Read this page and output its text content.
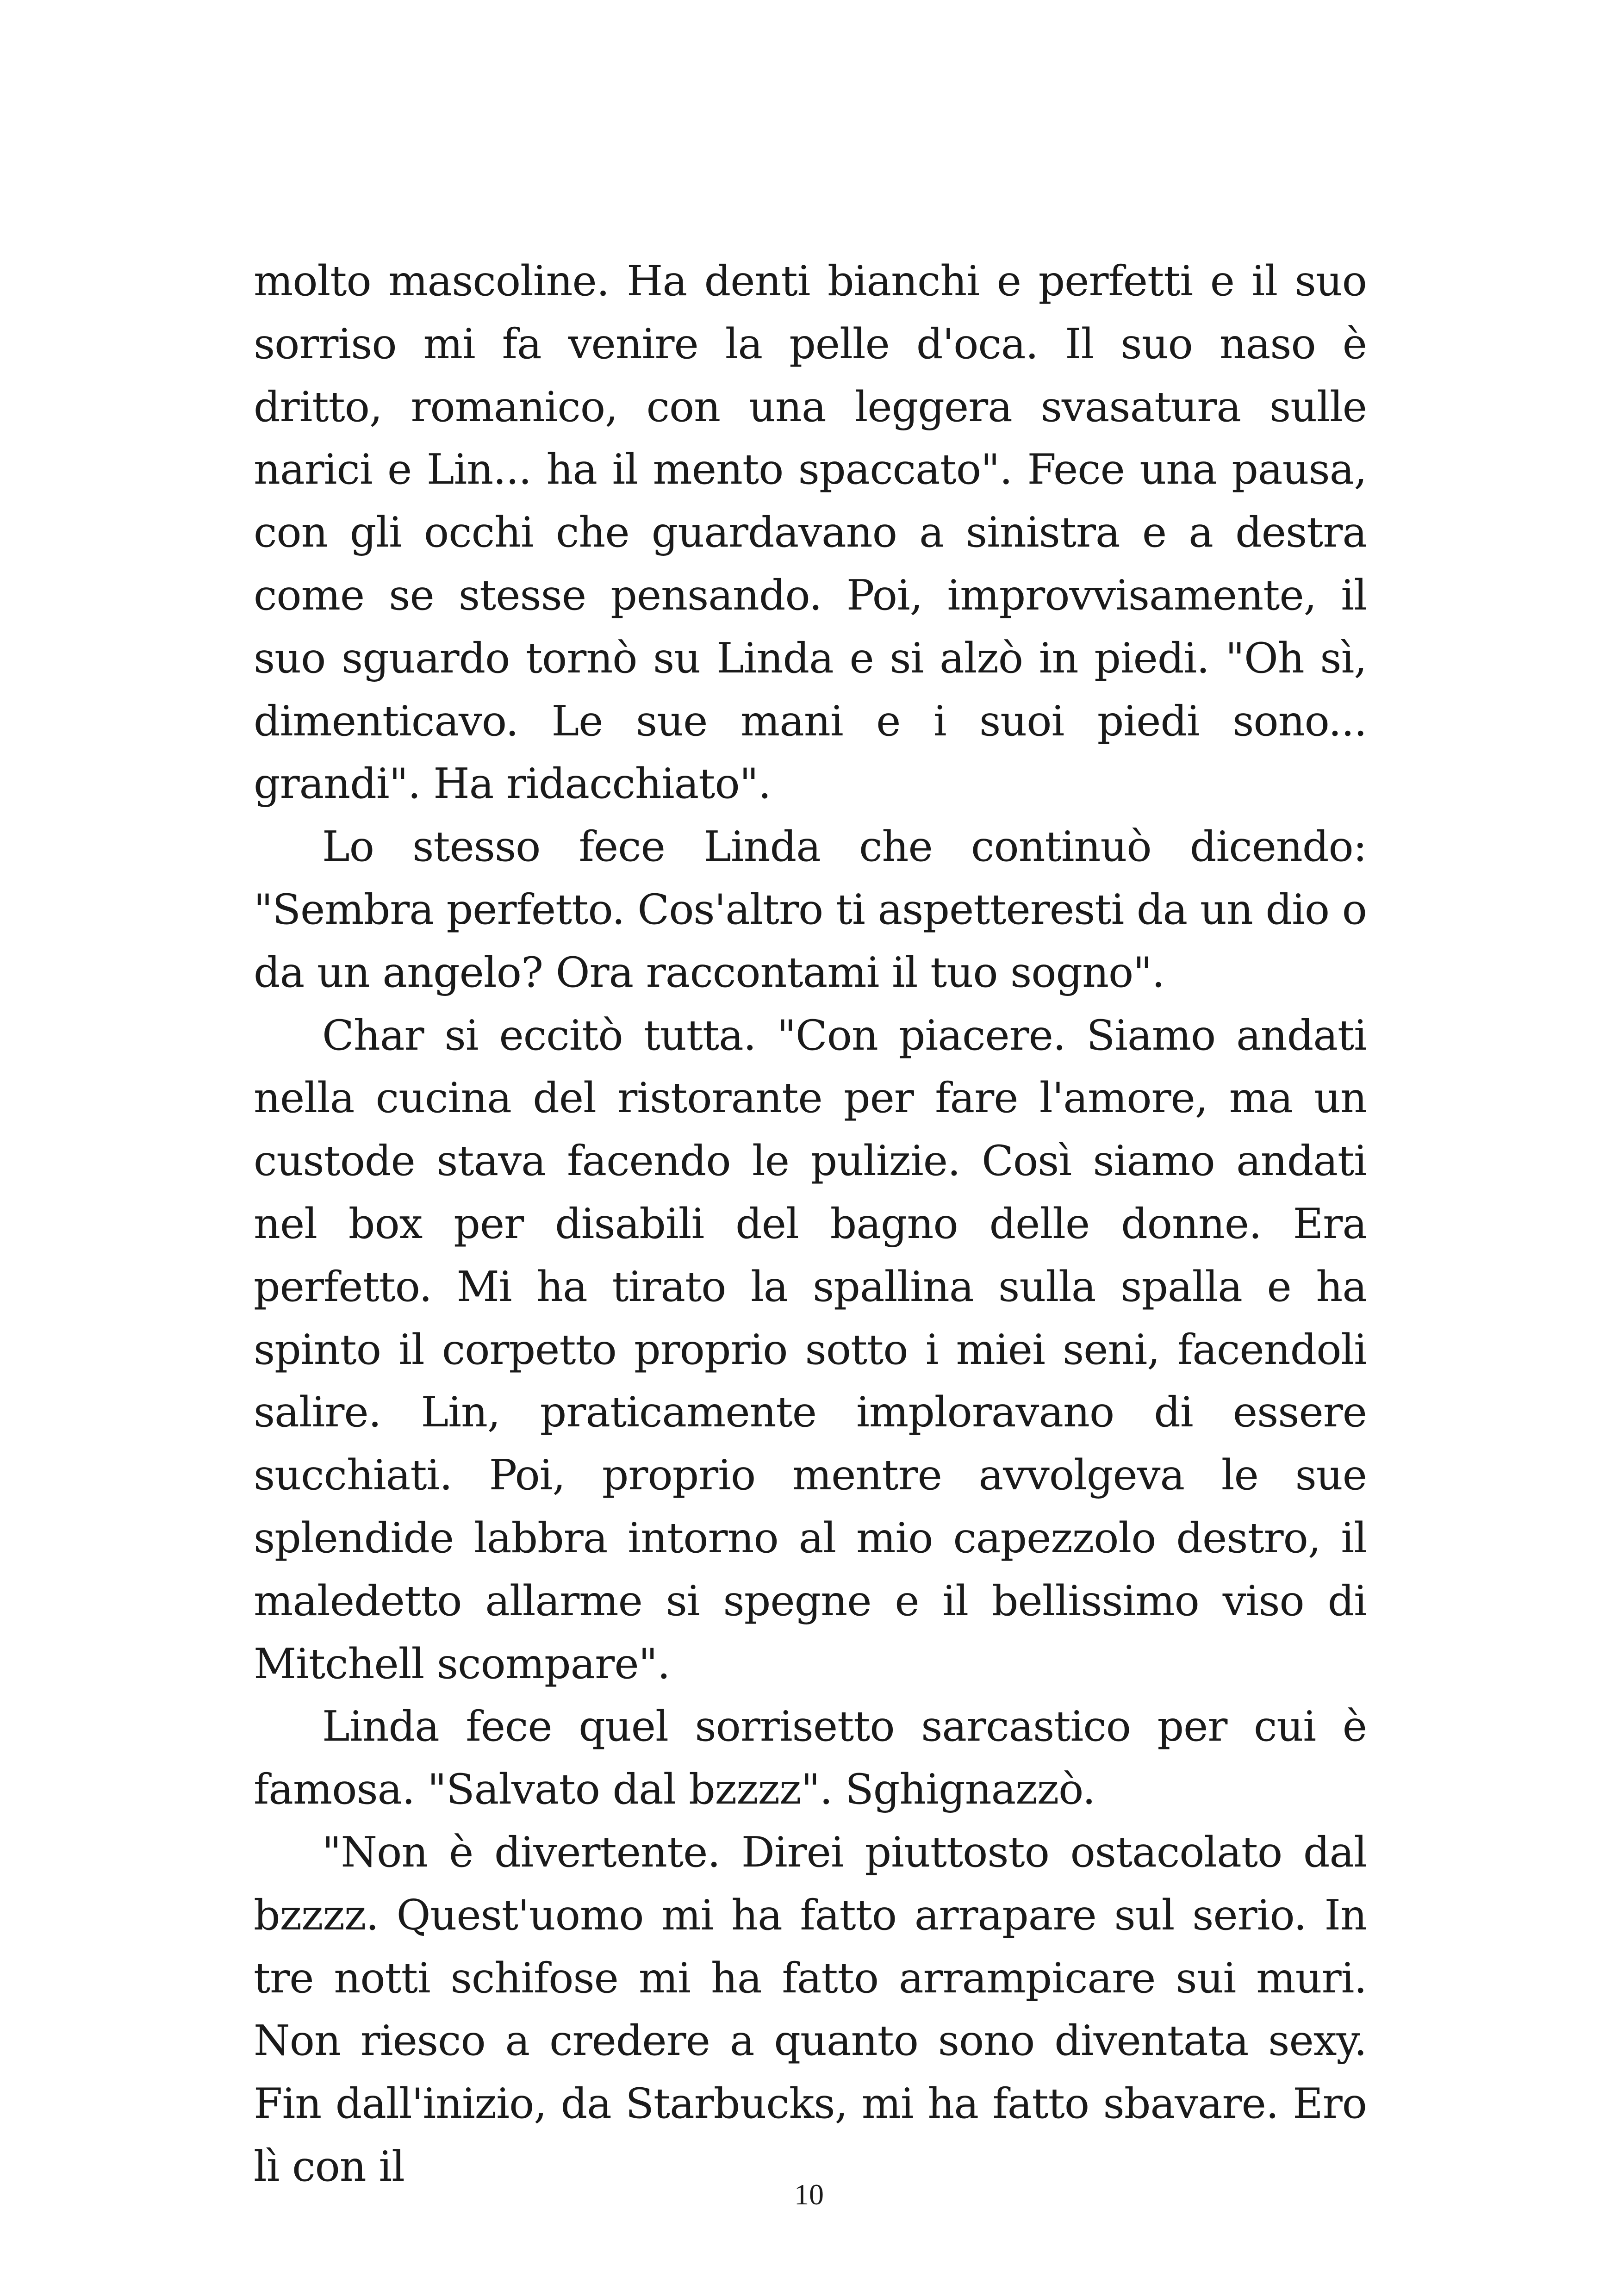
molto mascoline. Ha denti bianchi e perfetti e il suo sorriso mi fa venire la pelle d'oca. Il suo naso è dritto, romanico, con una leggera svasatura sulle narici e Lin... ha il mento spaccato". Fece una pausa, con gli occhi che guardavano a sinistra e a destra come se stesse pensando. Poi, improvvisamente, il suo sguardo tornò su Linda e si alzò in piedi. "Oh sì, dimenticavo. Le sue mani e i suoi piedi sono... grandi". Ha ridacchiato".

Lo stesso fece Linda che continuò dicendo: "Sembra perfetto. Cos'altro ti aspetteresti da un dio o da un angelo? Ora raccontami il tuo sogno".

Char si eccitò tutta. "Con piacere. Siamo andati nella cucina del ristorante per fare l'amore, ma un custode stava facendo le pulizie. Così siamo andati nel box per disabili del bagno delle donne. Era perfetto. Mi ha tirato la spallina sulla spalla e ha spinto il corpetto proprio sotto i miei seni, facendoli salire. Lin, praticamente imploravano di essere succhiati. Poi, proprio mentre avvolgeva le sue splendide labbra intorno al mio capezzolo destro, il maledetto allarme si spegne e il bellissimo viso di Mitchell scompare".

Linda fece quel sorrisetto sarcastico per cui è famosa. "Salvato dal bzzzz". Sghignazzò.

"Non è divertente. Direi piuttosto ostacolato dal bzzzz. Quest'uomo mi ha fatto arrapare sul serio. In tre notti schifose mi ha fatto arrampicare sui muri. Non riesco a credere a quanto sono diventata sexy. Fin dall'inizio, da Starbucks, mi ha fatto sbavare. Ero lì con il

10
